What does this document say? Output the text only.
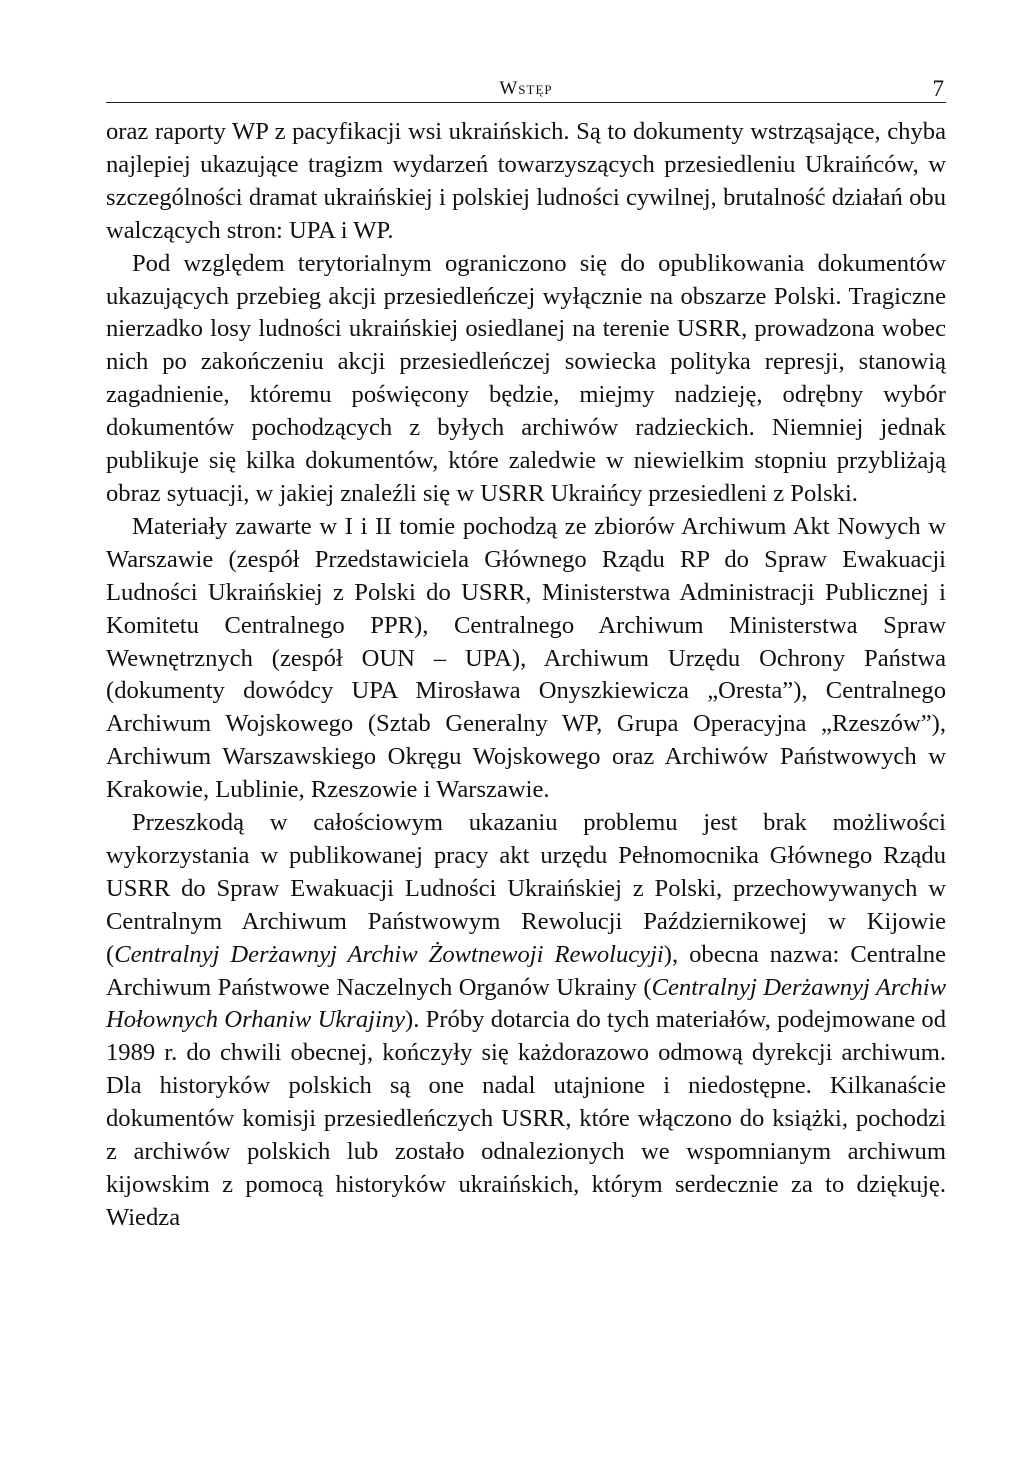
Wstęp	7

oraz raporty WP z pacyfikacji wsi ukraińskich. Są to dokumenty wstrząsające, chyba najlepiej ukazujące tragizm wydarzeń towarzyszących przesiedleniu Ukraińców, w szczególności dramat ukraińskiej i polskiej ludności cywilnej, brutalność działań obu walczących stron: UPA i WP.

Pod względem terytorialnym ograniczono się do opublikowania dokumentów ukazujących przebieg akcji przesiedleńczej wyłącznie na obszarze Polski. Tragiczne nierzadko losy ludności ukraińskiej osiedlanej na terenie USRR, prowadzona wobec nich po zakończeniu akcji przesiedleńczej sowiecka polityka represji, stanowią zagadnienie, któremu poświęcony będzie, miejmy nadzieję, odrębny wybór dokumentów pochodzących z byłych archiwów radzieckich. Niemniej jednak publikuje się kilka dokumentów, które zaledwie w niewielkim stopniu przybliżają obraz sytuacji, w jakiej znaleźli się w USRR Ukraińcy przesiedleni z Polski.

Materiały zawarte w I i II tomie pochodzą ze zbiorów Archiwum Akt Nowych w Warszawie (zespół Przedstawiciela Głównego Rządu RP do Spraw Ewakuacji Ludności Ukraińskiej z Polski do USRR, Ministerstwa Administracji Publicznej i Komitetu Centralnego PPR), Centralnego Archiwum Ministerstwa Spraw Wewnętrznych (zespół OUN – UPA), Archiwum Urzędu Ochrony Państwa (dokumenty dowódcy UPA Mirosława Onyszkiewicza „Oresta”), Centralnego Archiwum Wojskowego (Sztab Generalny WP, Grupa Operacyjna „Rzeszów”), Archiwum Warszawskiego Okręgu Wojskowego oraz Archiwów Państwowych w Krakowie, Lublinie, Rzeszowie i Warszawie.

Przeszkodą w całościowym ukazaniu problemu jest brak możliwości wykorzystania w publikowanej pracy akt urzędu Pełnomocnika Głównego Rządu USRR do Spraw Ewakuacji Ludności Ukraińskiej z Polski, przechowywanych w Centralnym Archiwum Państwowym Rewolucji Październikowej w Kijowie (Centralnyj Derżawnyj Archiw Żowtnewoji Rewolucyji), obecna nazwa: Centralne Archiwum Państwowe Naczelnych Organów Ukrainy (Centralnyj Derżawnyj Archiw Hołownych Orhaniw Ukrajiny). Próby dotarcia do tych materiałów, podejmowane od 1989 r. do chwili obecnej, kończyły się każdorazowo odmową dyrekcji archiwum. Dla historyków polskich są one nadal utajnione i niedostępne. Kilkanaście dokumentów komisji przesiedleńczych USRR, które włączono do książki, pochodzi z archiwów polskich lub zostało odnalezionych we wspomnianym archiwum kijowskim z pomocą historyków ukraińskich, którym serdecznie za to dziękuję. Wiedza
